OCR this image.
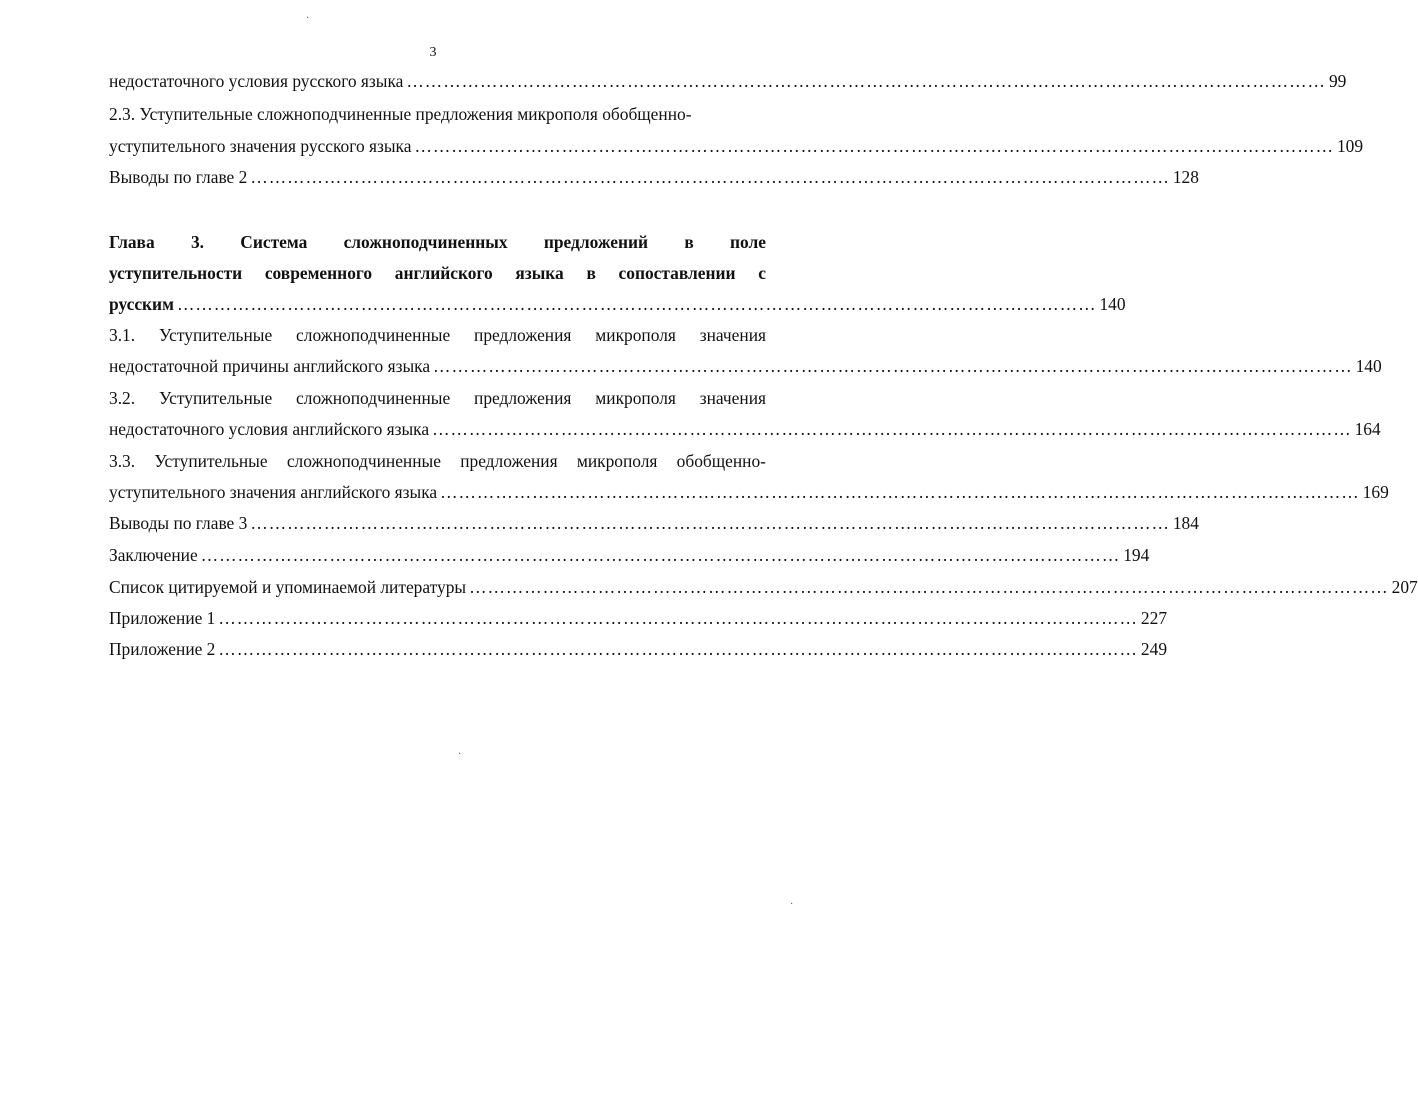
3
недостаточного условия русского языка …………………………………………………………………………………………………………………………………… 99
2.3. Уступительные сложноподчиненные предложения микрополя обобщенно-
уступительного значения русского языка …………………………………………………………………………………………………………………………………… 109
Выводы по главе 2 …………………………………………………………………………………………………………………………………… 128
Глава 3. Система сложноподчиненных предложений в поле
уступительности современного английского языка в сопоставлении с
русским …………………………………………………………………………………………………………………………………… 140
3.1. Уступительные сложноподчиненные предложения микрополя значения
недостаточной причины английского языка …………………………………………………………………………………………………………………………………… 140
3.2. Уступительные сложноподчиненные предложения микрополя значения
недостаточного условия английского языка …………………………………………………………………………………………………………………………………… 164
3.3. Уступительные сложноподчиненные предложения микрополя обобщенно-
уступительного значения английского языка …………………………………………………………………………………………………………………………………… 169
Выводы по главе 3 …………………………………………………………………………………………………………………………………… 184
Заключение …………………………………………………………………………………………………………………………………… 194
Список цитируемой и упоминаемой литературы …………………………………………………………………………………………………………………………………… 207
Приложение 1 …………………………………………………………………………………………………………………………………… 227
Приложение 2 …………………………………………………………………………………………………………………………………… 249
·
·
·
